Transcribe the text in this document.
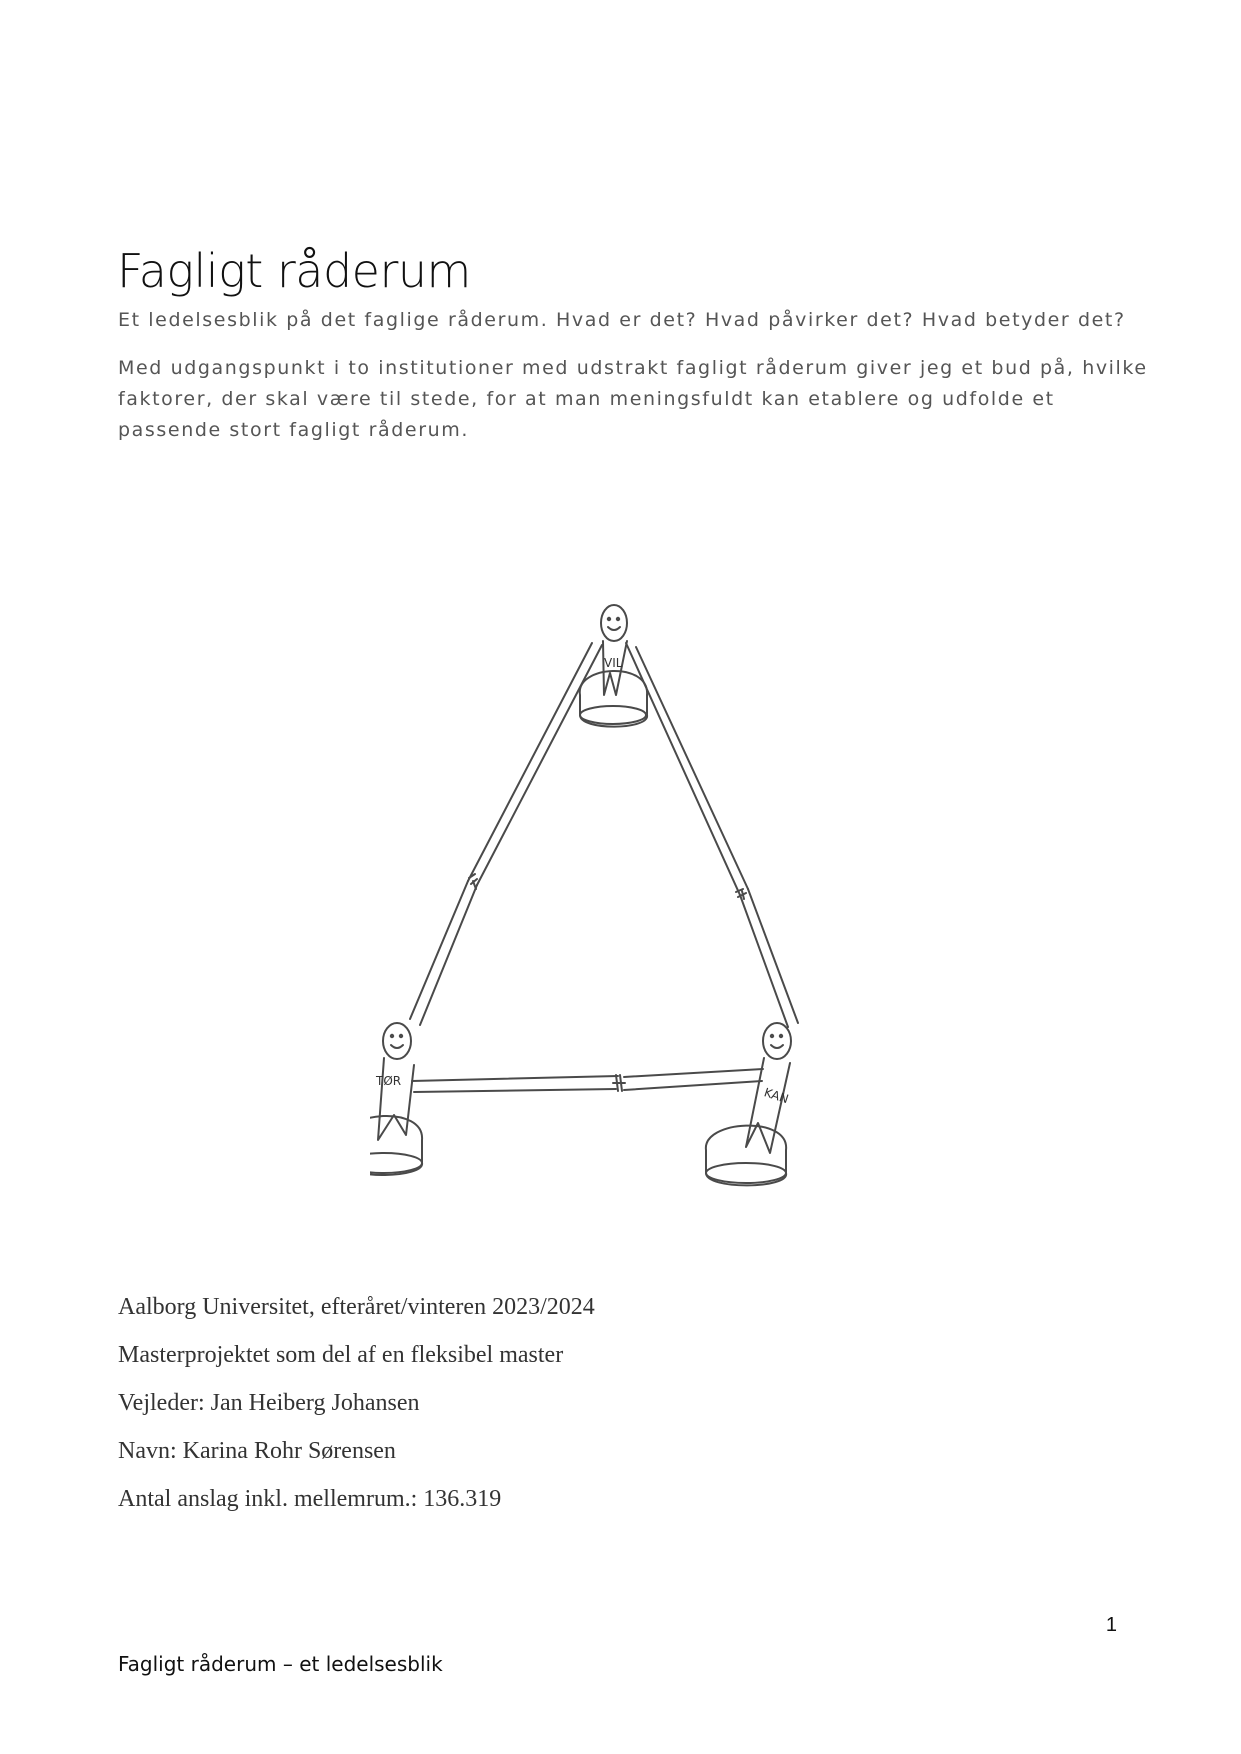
Fagligt råderum

Et ledelsesblik på det faglige råderum. Hvad er det? Hvad påvirker det? Hvad betyder det?

Med udgangspunkt i to institutioner med udstrakt fagligt råderum giver jeg et bud på, hvilke faktorer, der skal være til stede, for at man meningsfuldt kan etablere og udfolde et passende stort fagligt råderum.

VIL
TØR
KAN
Aalborg Universitet, efteråret/vinteren 2023/2024
Masterprojektet som del af en fleksibel master
Vejleder: Jan Heiberg Johansen
Navn: Karina Rohr Sørensen
Antal anslag inkl. mellemrum.: 136.319
1
Fagligt råderum – et ledelsesblik
